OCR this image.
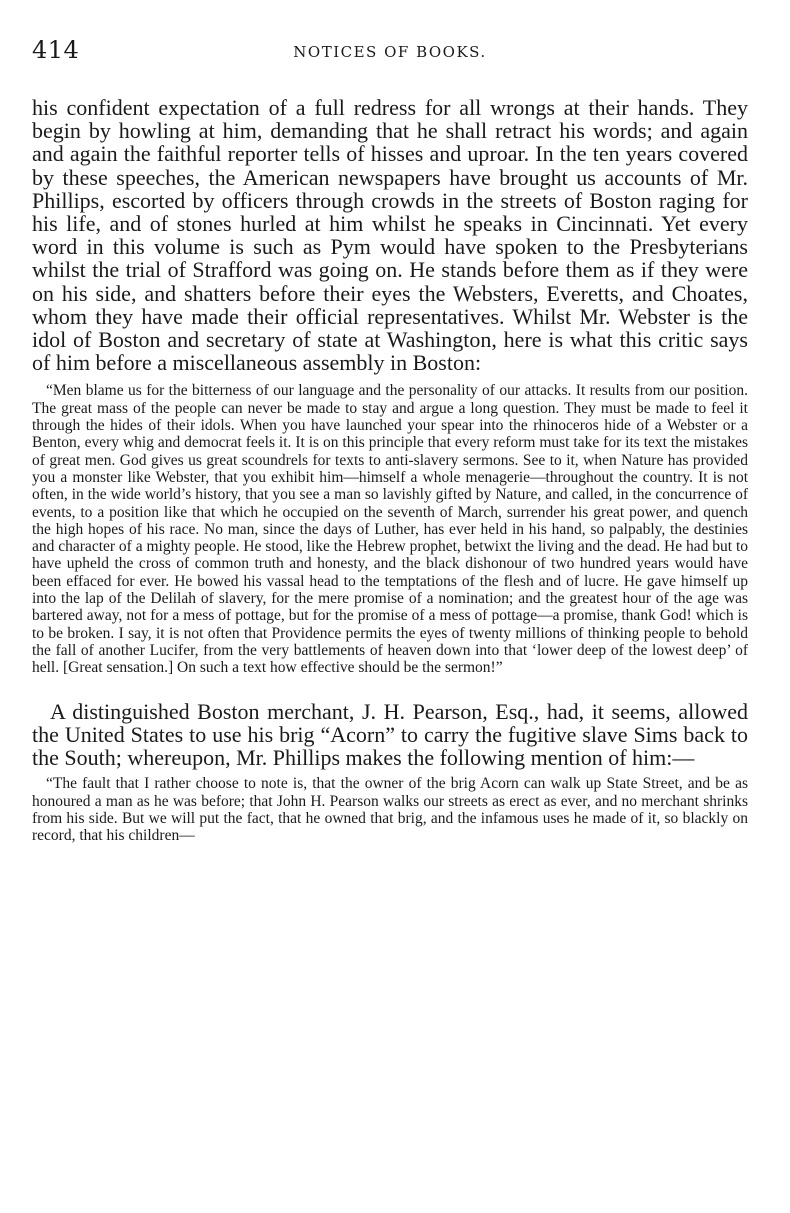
414	NOTICES OF BOOKS.

his confident expectation of a full redress for all wrongs at their hands. They begin by howling at him, demanding that he shall retract his words; and again and again the faithful reporter tells of hisses and uproar. In the ten years covered by these speeches, the American newspapers have brought us accounts of Mr. Phillips, escorted by officers through crowds in the streets of Boston raging for his life, and of stones hurled at him whilst he speaks in Cincinnati. Yet every word in this volume is such as Pym would have spoken to the Presbyterians whilst the trial of Strafford was going on. He stands before them as if they were on his side, and shatters before their eyes the Websters, Everetts, and Choates, whom they have made their official representatives. Whilst Mr. Webster is the idol of Boston and secretary of state at Washington, here is what this critic says of him before a miscellaneous assembly in Boston:

“Men blame us for the bitterness of our language and the personality of our attacks. It results from our position. The great mass of the people can never be made to stay and argue a long question. They must be made to feel it through the hides of their idols. When you have launched your spear into the rhinoceros hide of a Webster or a Benton, every whig and democrat feels it. It is on this principle that every reform must take for its text the mistakes of great men. God gives us great scoundrels for texts to anti-slavery sermons. See to it, when Nature has provided you a monster like Webster, that you exhibit him—himself a whole menagerie—throughout the country. It is not often, in the wide world’s history, that you see a man so lavishly gifted by Nature, and called, in the concurrence of events, to a position like that which he occupied on the seventh of March, surrender his great power, and quench the high hopes of his race. No man, since the days of Luther, has ever held in his hand, so palpably, the destinies and character of a mighty people. He stood, like the Hebrew prophet, betwixt the living and the dead. He had but to have upheld the cross of common truth and honesty, and the black dishonour of two hundred years would have been effaced for ever. He bowed his vassal head to the temptations of the flesh and of lucre. He gave himself up into the lap of the Delilah of slavery, for the mere promise of a nomination; and the greatest hour of the age was bartered away, not for a mess of pottage, but for the promise of a mess of pottage—a promise, thank God! which is to be broken. I say, it is not often that Providence permits the eyes of twenty millions of thinking people to behold the fall of another Lucifer, from the very battlements of heaven down into that ‘lower deep of the lowest deep’ of hell. [Great sensation.] On such a text how effective should be the sermon!”

A distinguished Boston merchant, J. H. Pearson, Esq., had, it seems, allowed the United States to use his brig “Acorn” to carry the fugitive slave Sims back to the South; whereupon, Mr. Phillips makes the following mention of him:—

“The fault that I rather choose to note is, that the owner of the brig Acorn can walk up State Street, and be as honoured a man as he was before; that John H. Pearson walks our streets as erect as ever, and no merchant shrinks from his side. But we will put the fact, that he owned that brig, and the infamous uses he made of it, so blackly on record, that his children—
